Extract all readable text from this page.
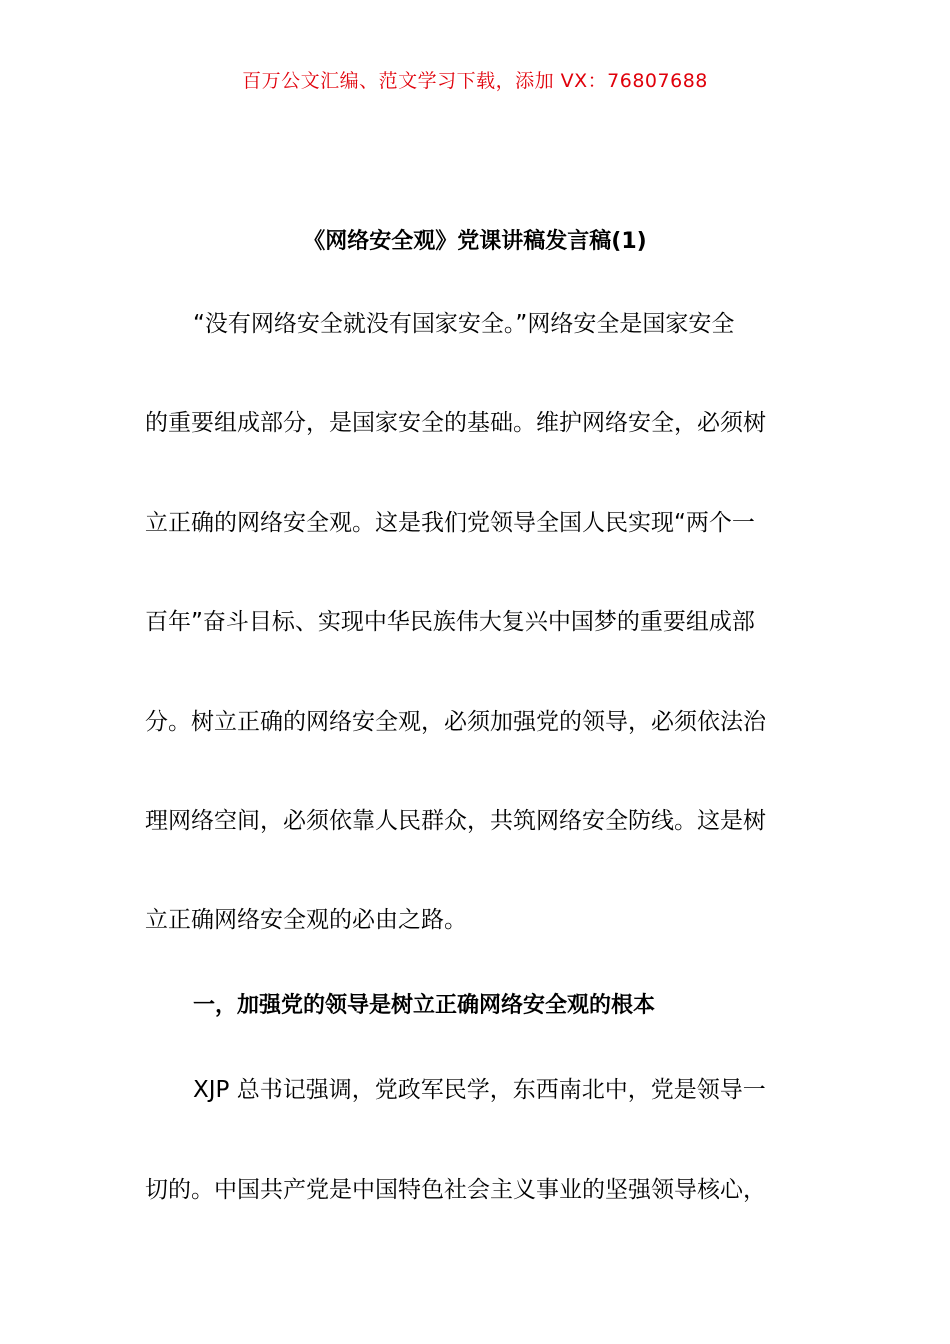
百万公文汇编、范文学习下载，添加 VX：76807688
《网络安全观》党课讲稿发言稿(1)
“没有网络安全就没有国家安全。”网络安全是国家安全
的重要组成部分，是国家安全的基础。维护网络安全，必须树
立正确的网络安全观。这是我们党领导全国人民实现“两个一
百年”奋斗目标、实现中华民族伟大复兴中国梦的重要组成部
分。树立正确的网络安全观，必须加强党的领导，必须依法治
理网络空间，必须依靠人民群众，共筑网络安全防线。这是树
立正确网络安全观的必由之路。
一，加强党的领导是树立正确网络安全观的根本
XJP 总书记强调，党政军民学，东西南北中，党是领导一
切的。中国共产党是中国特色社会主义事业的坚强领导核心，
